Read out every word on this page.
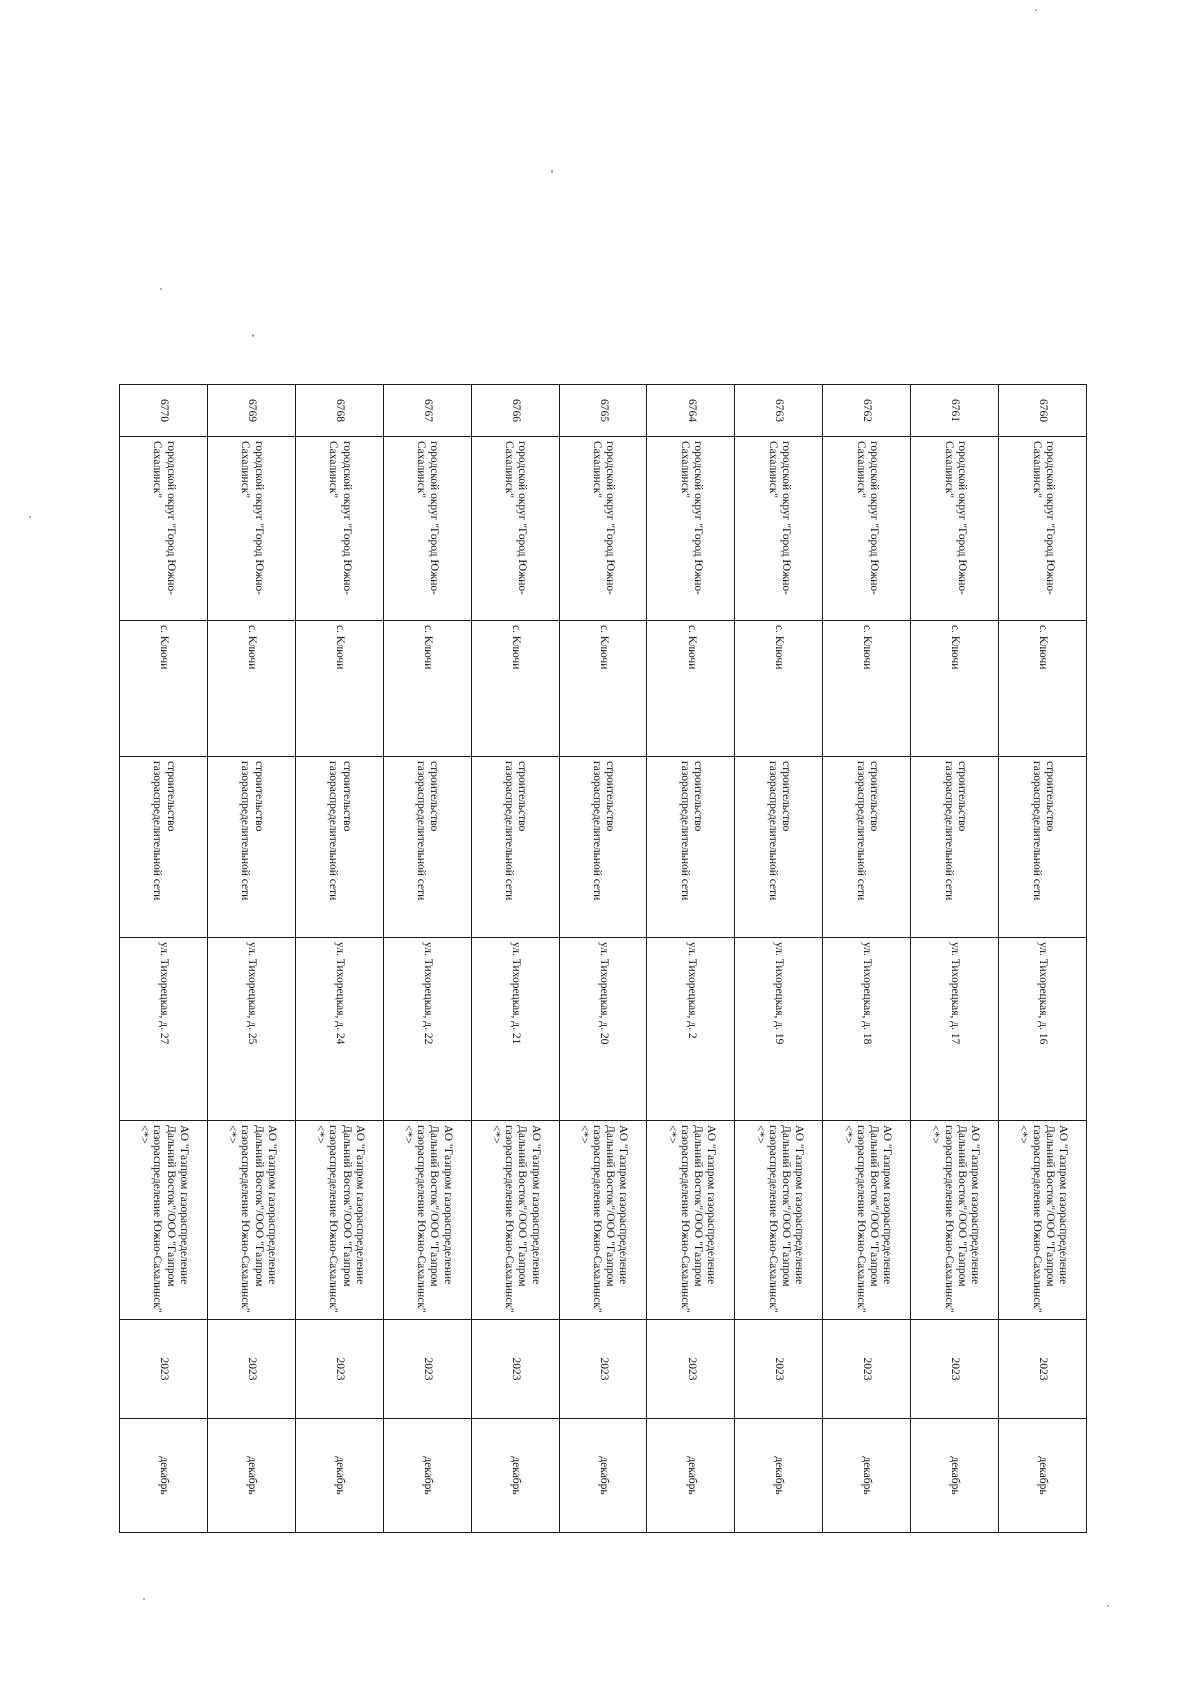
6760	городской округ "Город Южно-Сахалинск"	с. Ключи	строительство газораспределительной сети	ул. Тихорецкая, д. 16	АО "Газпром газораспределение Дальний Восток"/ООО "Газпром газораспределение Южно-Сахалинск" <*>	2023	декабрь
6761	городской округ "Город Южно-Сахалинск"	с. Ключи	строительство газораспределительной сети	ул. Тихорецкая, д. 17	АО "Газпром газораспределение Дальний Восток"/ООО "Газпром газораспределение Южно-Сахалинск" <*>	2023	декабрь
6762	городской округ "Город Южно-Сахалинск"	с. Ключи	строительство газораспределительной сети	ул. Тихорецкая, д. 18	АО "Газпром газораспределение Дальний Восток"/ООО "Газпром газораспределение Южно-Сахалинск" <*>	2023	декабрь
6763	городской округ "Город Южно-Сахалинск"	с. Ключи	строительство газораспределительной сети	ул. Тихорецкая, д. 19	АО "Газпром газораспределение Дальний Восток"/ООО "Газпром газораспределение Южно-Сахалинск" <*>	2023	декабрь
6764	городской округ "Город Южно-Сахалинск"	с. Ключи	строительство газораспределительной сети	ул. Тихорецкая, д. 2	АО "Газпром газораспределение Дальний Восток"/ООО "Газпром газораспределение Южно-Сахалинск" <*>	2023	декабрь
6765	городской округ "Город Южно-Сахалинск"	с. Ключи	строительство газораспределительной сети	ул. Тихорецкая, д. 20	АО "Газпром газораспределение Дальний Восток"/ООО "Газпром газораспределение Южно-Сахалинск" <*>	2023	декабрь
6766	городской округ "Город Южно-Сахалинск"	с. Ключи	строительство газораспределительной сети	ул. Тихорецкая, д. 21	АО "Газпром газораспределение Дальний Восток"/ООО "Газпром газораспределение Южно-Сахалинск" <*>	2023	декабрь
6767	городской округ "Город Южно-Сахалинск"	с. Ключи	строительство газораспределительной сети	ул. Тихорецкая, д. 22	АО "Газпром газораспределение Дальний Восток"/ООО "Газпром газораспределение Южно-Сахалинск" <*>	2023	декабрь
6768	городской округ "Город Южно-Сахалинск"	с. Ключи	строительство газораспределительной сети	ул. Тихорецкая, д. 24	АО "Газпром газораспределение Дальний Восток"/ООО "Газпром газораспределение Южно-Сахалинск" <*>	2023	декабрь
6769	городской округ "Город Южно-Сахалинск"	с. Ключи	строительство газораспределительной сети	ул. Тихорецкая, д. 25	АО "Газпром газораспределение Дальний Восток"/ООО "Газпром газораспределение Южно-Сахалинск" <*>	2023	декабрь
6770	городской округ "Город Южно-Сахалинск"	с. Ключи	строительство газораспределительной сети	ул. Тихорецкая, д. 27	АО "Газпром газораспределение Дальний Восток"/ООО "Газпром газораспределение Южно-Сахалинск" <*>	2023	декабрь
